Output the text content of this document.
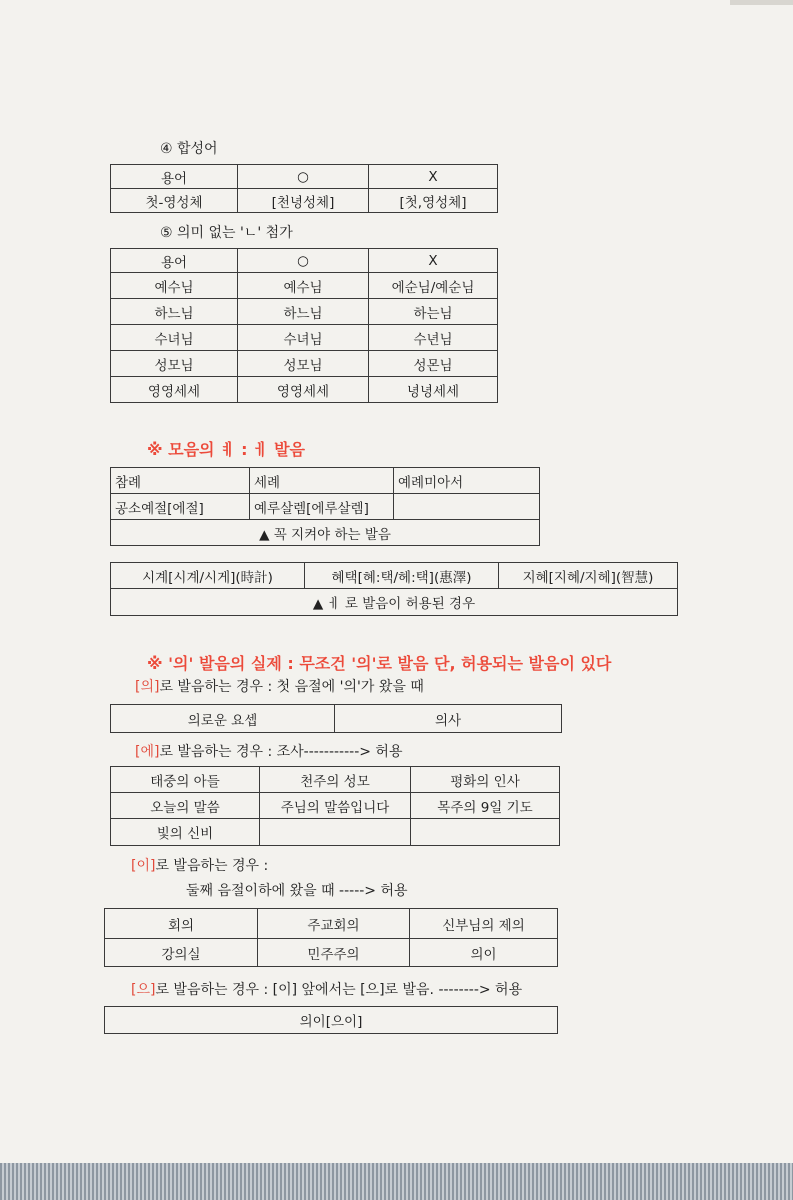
④ 합성어
용어	○	X
첫-영성체	[천녕성체]	[첫,영성체]
⑤ 의미 없는 'ㄴ' 첨가
용어	○	X
예수님	예수님	에순님/예순님
하느님	하느님	하는님
수녀님	수녀님	수년님
성모님	성모님	성몬님
영영세세	영영세세	녕녕세세
※ 모음의 ㅖ : ㅔ 발음
참례	세례	예례미아서
공소예절[에절]	예루살렘[에루살렘]	
▲ 꼭 지켜야 하는 발음		
시계[시계/시게](時計)	혜택[혜:택/헤:택](惠澤)	지혜[지혜/지헤](智慧)
▲ ㅔ 로 발음이 허용된 경우
※ '의' 발음의 실제 : 무조건 '의'로 발음 단, 허용되는 발음이 있다
[의]로 발음하는 경우 : 첫 음절에 '의'가 왔을 때
의로운 요셉	의사
[에]로 발음하는 경우 : 조사-----------> 허용
태중의 아들	천주의 성모	평화의 인사
오늘의 말씀	주님의 말씀입니다	목주의 9일 기도
빛의 신비		
[이]로 발음하는 경우 :
둘째 음절이하에 왔을 때 -----> 허용
회의	주교회의	신부님의 제의
강의실	민주주의	의이
[으]로 발음하는 경우 : [이] 앞에서는 [으]로 발음. --------> 허용
의이[으이]
